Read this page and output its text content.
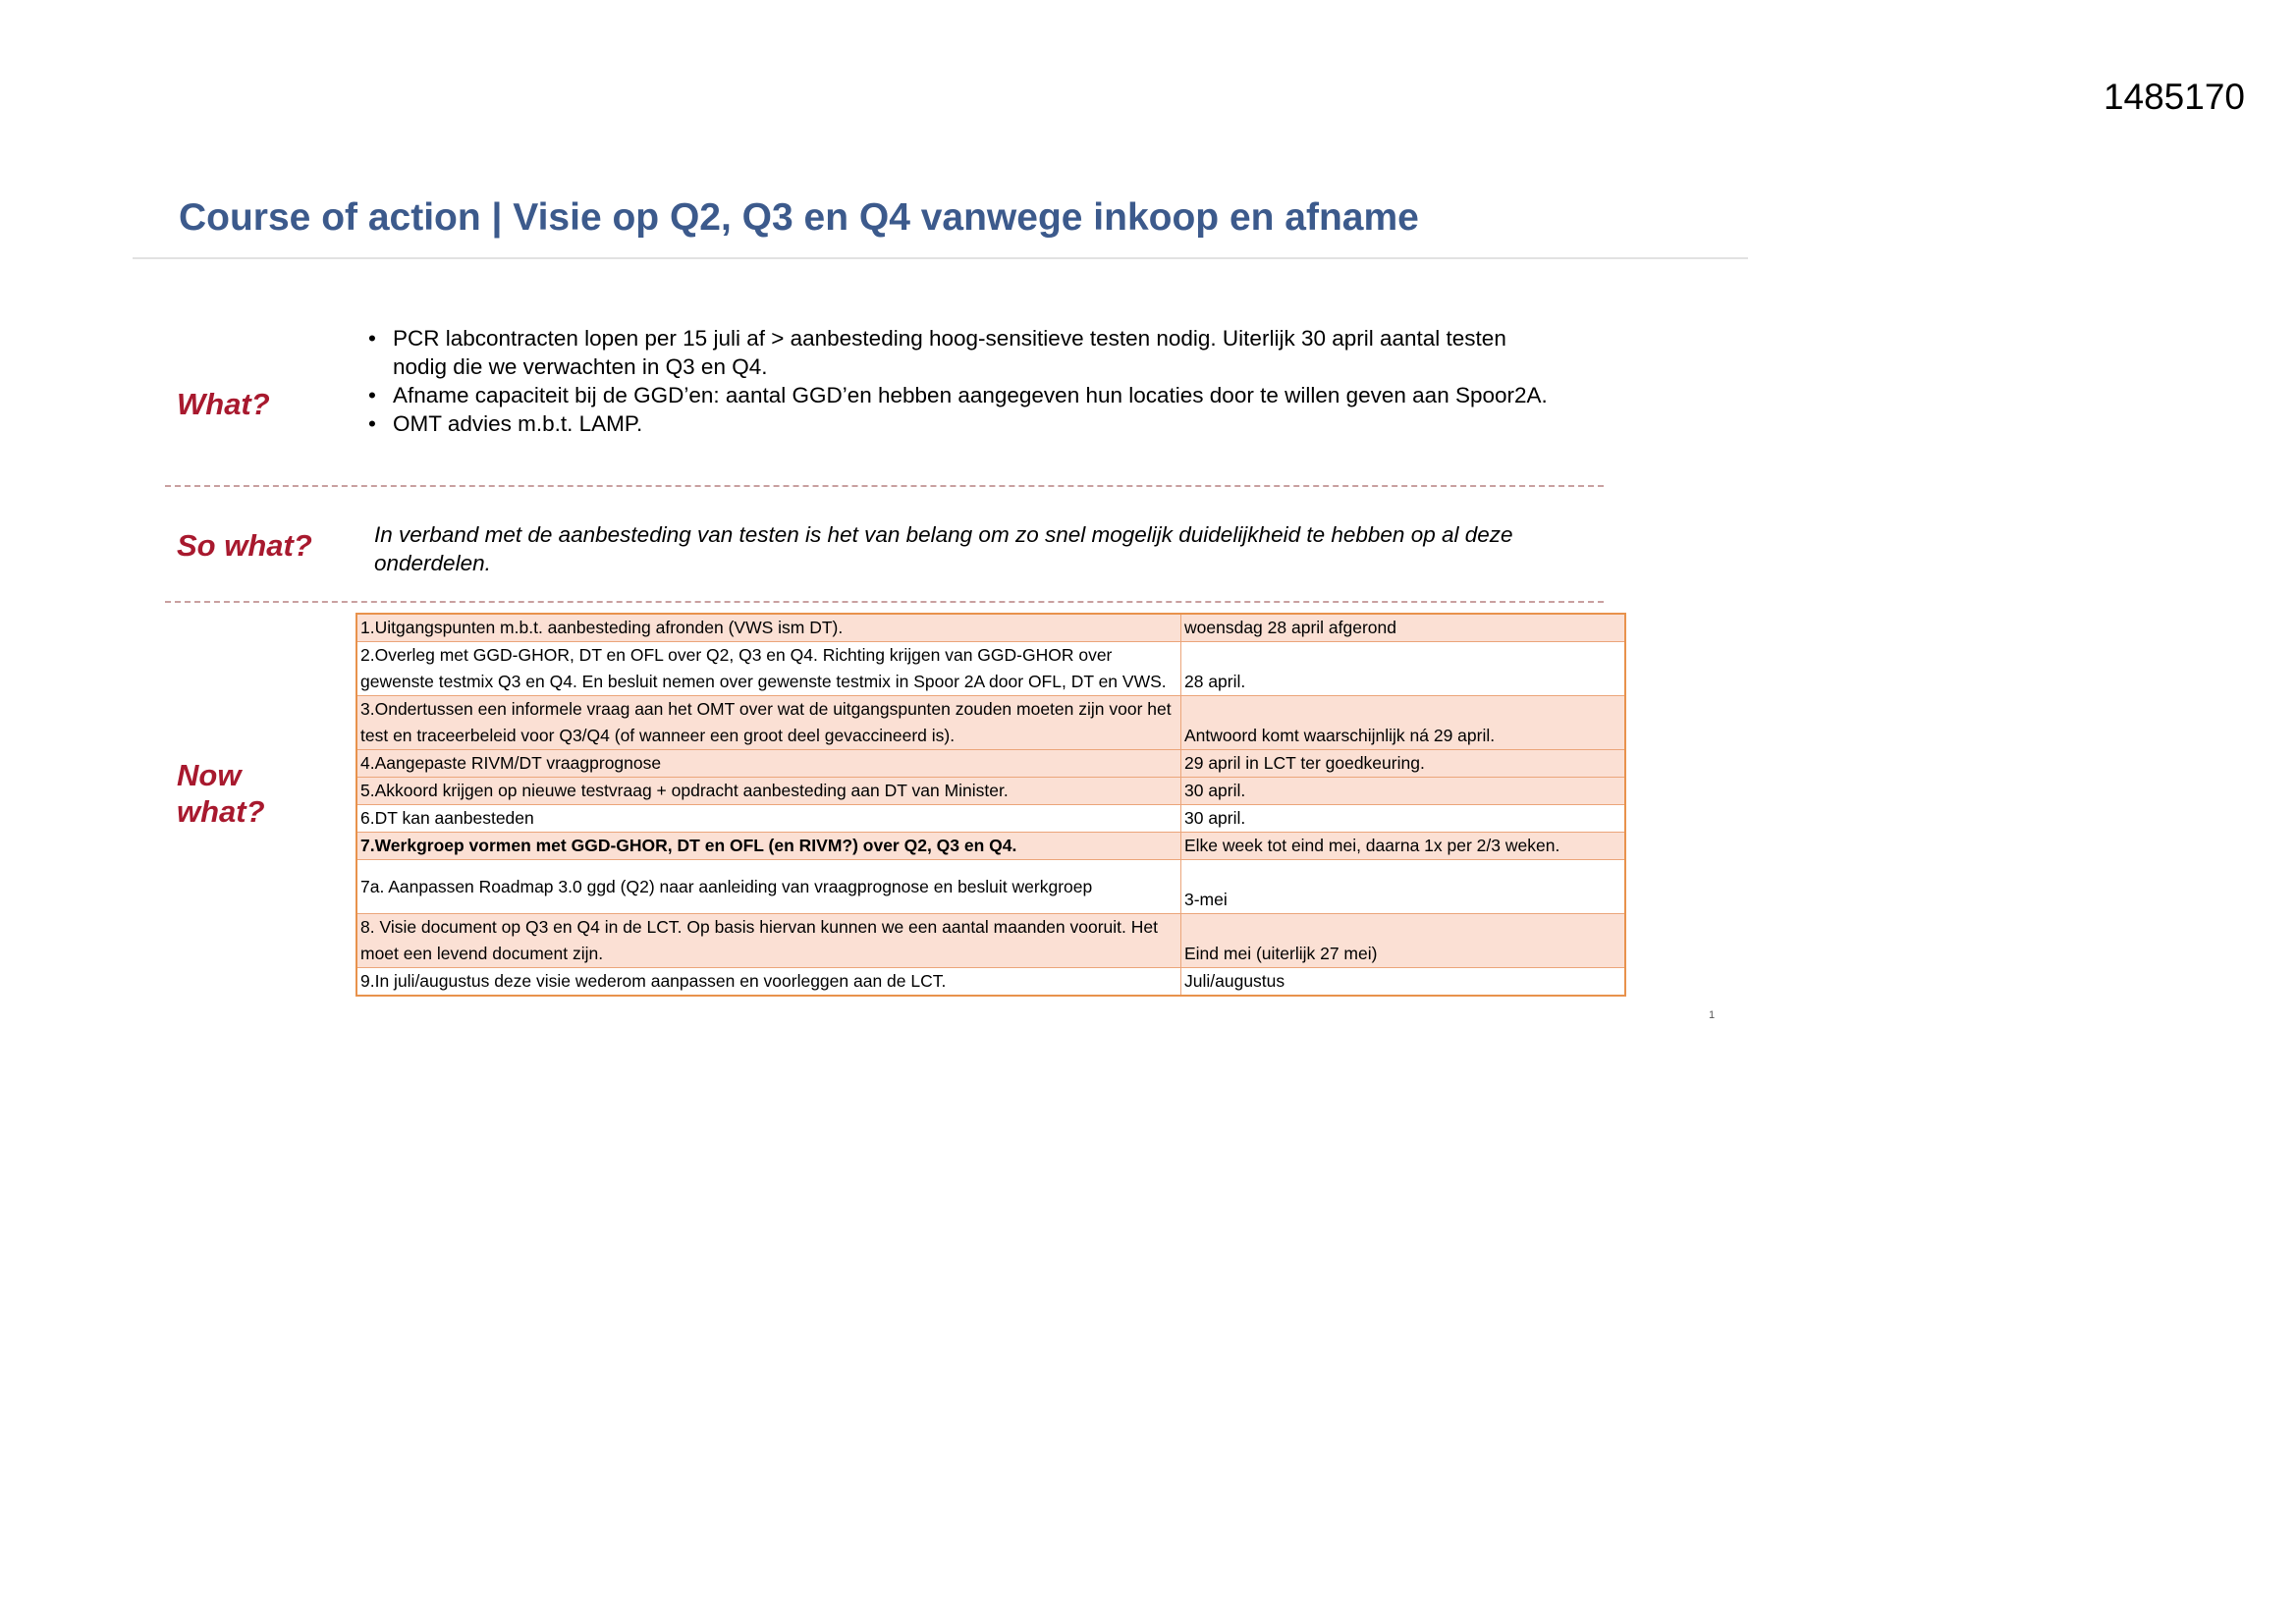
1485170
Course of action | Visie op Q2, Q3 en Q4 vanwege inkoop en afname
What?
• PCR labcontracten lopen per 15 juli af > aanbesteding hoog-sensitieve testen nodig. Uiterlijk 30 april aantal testen nodig die we verwachten in Q3 en Q4.
• Afname capaciteit bij de GGD’en: aantal GGD’en hebben aangegeven hun locaties door te willen geven aan Spoor2A.
• OMT advies m.b.t. LAMP.
So what?	In verband met de aanbesteding van testen is het van belang om zo snel mogelijk duidelijkheid te hebben op al deze onderdelen.

Now what?
1.Uitgangspunten m.b.t. aanbesteding afronden (VWS ism DT).	woensdag 28 april afgerond
2.Overleg met GGD-GHOR, DT en OFL over Q2, Q3 en Q4. Richting krijgen van GGD-GHOR over gewenste testmix Q3 en Q4. En besluit nemen over gewenste testmix in Spoor 2A door OFL, DT en VWS.	28 april.
3.Ondertussen een informele vraag aan het OMT over wat de uitgangspunten zouden moeten zijn voor het test en traceerbeleid voor Q3/Q4 (of wanneer een groot deel gevaccineerd is).	Antwoord komt waarschijnlijk ná 29 april.
4.Aangepaste RIVM/DT vraagprognose	29 april in LCT ter goedkeuring.
5.Akkoord krijgen op nieuwe testvraag + opdracht aanbesteding aan DT van Minister.	30 april.
6.DT kan aanbesteden	30 april.
7.Werkgroep vormen met GGD-GHOR, DT en OFL (en RIVM?) over Q2, Q3 en Q4.	Elke week tot eind mei, daarna 1x per 2/3 weken.
7a. Aanpassen Roadmap 3.0 ggd (Q2) naar aanleiding van vraagprognose en besluit werkgroep	3-mei
8. Visie document op Q3 en Q4 in de LCT. Op basis hiervan kunnen we een aantal maanden vooruit. Het moet een levend document zijn.	Eind mei (uiterlijk 27 mei)
9.In juli/augustus deze visie wederom aanpassen en voorleggen aan de LCT.	Juli/augustus
1
